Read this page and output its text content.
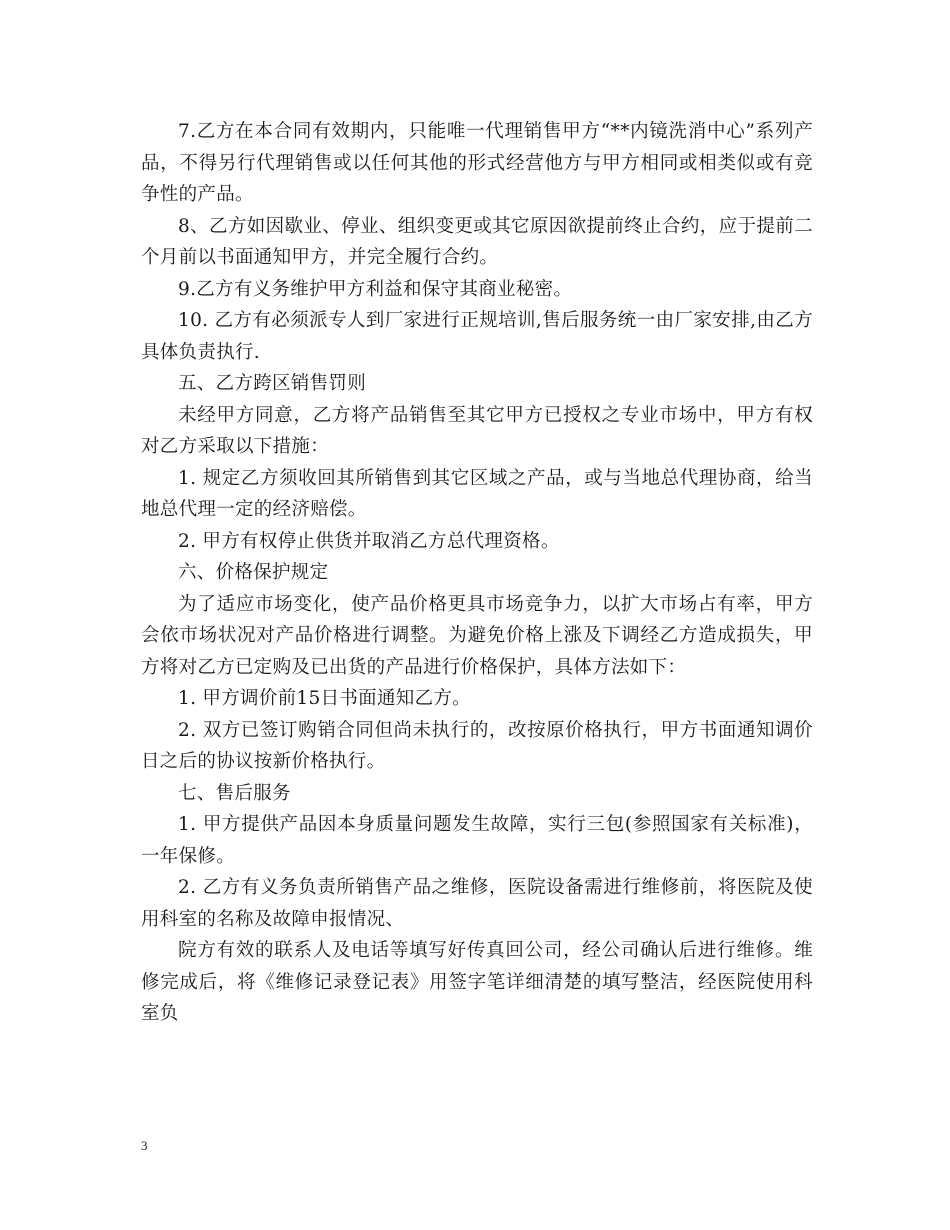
7.乙方在本合同有效期内，只能唯一代理销售甲方“**内镜洗消中心”系列产品，不得另行代理销售或以任何其他的形式经营他方与甲方相同或相类似或有竞争性的产品。

8、乙方如因歇业、停业、组织变更或其它原因欲提前终止合约，应于提前二个月前以书面通知甲方，并完全履行合约。

9.乙方有义务维护甲方利益和保守其商业秘密。

10. 乙方有必须派专人到厂家进行正规培训,售后服务统一由厂家安排,由乙方具体负责执行.

五、乙方跨区销售罚则

未经甲方同意，乙方将产品销售至其它甲方已授权之专业市场中，甲方有权对乙方采取以下措施：

1. 规定乙方须收回其所销售到其它区域之产品，或与当地总代理协商，给当地总代理一定的经济赔偿。

2. 甲方有权停止供货并取消乙方总代理资格。

六、价格保护规定

为了适应市场变化，使产品价格更具市场竞争力，以扩大市场占有率，甲方会依市场状况对产品价格进行调整。为避免价格上涨及下调经乙方造成损失，甲方将对乙方已定购及已出货的产品进行价格保护，具体方法如下：

1. 甲方调价前15日书面通知乙方。

2. 双方已签订购销合同但尚未执行的，改按原价格执行，甲方书面通知调价日之后的协议按新价格执行。

七、售后服务

1. 甲方提供产品因本身质量问题发生故障，实行三包(参照国家有关标准)，一年保修。

2. 乙方有义务负责所销售产品之维修，医院设备需进行维修前，将医院及使用科室的名称及故障申报情况、

院方有效的联系人及电话等填写好传真回公司，经公司确认后进行维修。维修完成后，将《维修记录登记表》用签字笔详细清楚的填写整洁，经医院使用科室负

3
